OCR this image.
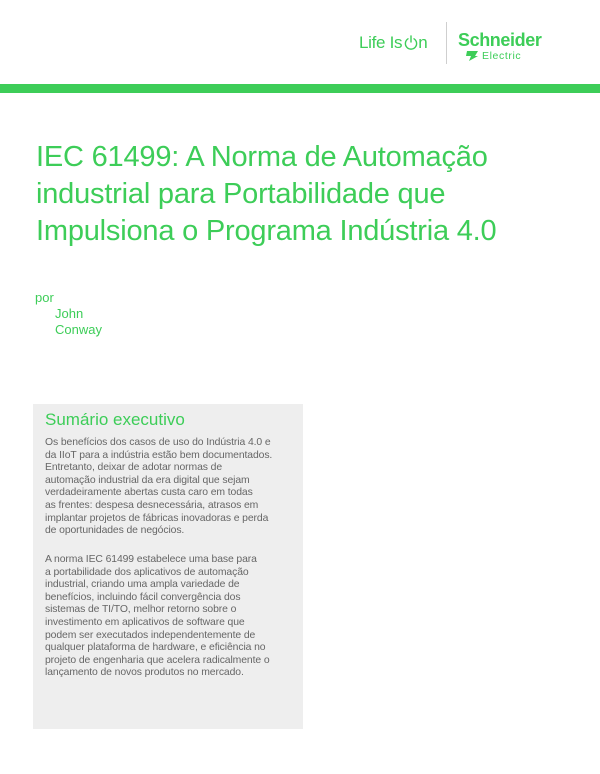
Life Is n Schneider
Electric
IEC 61499: A Norma de Automação
industrial para Portabilidade que
Impulsiona o Programa Indústria 4.0
por
John
Conway
Sumário executivo

Os benefícios dos casos de uso do Indústria 4.0 e
da IIoT para a indústria estão bem documentados.
Entretanto, deixar de adotar normas de
automação industrial da era digital que sejam
verdadeiramente abertas custa caro em todas
as frentes: despesa desnecessária, atrasos em
implantar projetos de fábricas inovadoras e perda
de oportunidades de negócios.

A norma IEC 61499 estabelece uma base para
a portabilidade dos aplicativos de automação
industrial, criando uma ampla variedade de
benefícios, incluindo fácil convergência dos
sistemas de TI/TO, melhor retorno sobre o
investimento em aplicativos de software que
podem ser executados independentemente de
qualquer plataforma de hardware, e eficiência no
projeto de engenharia que acelera radicalmente o
lançamento de novos produtos no mercado.
